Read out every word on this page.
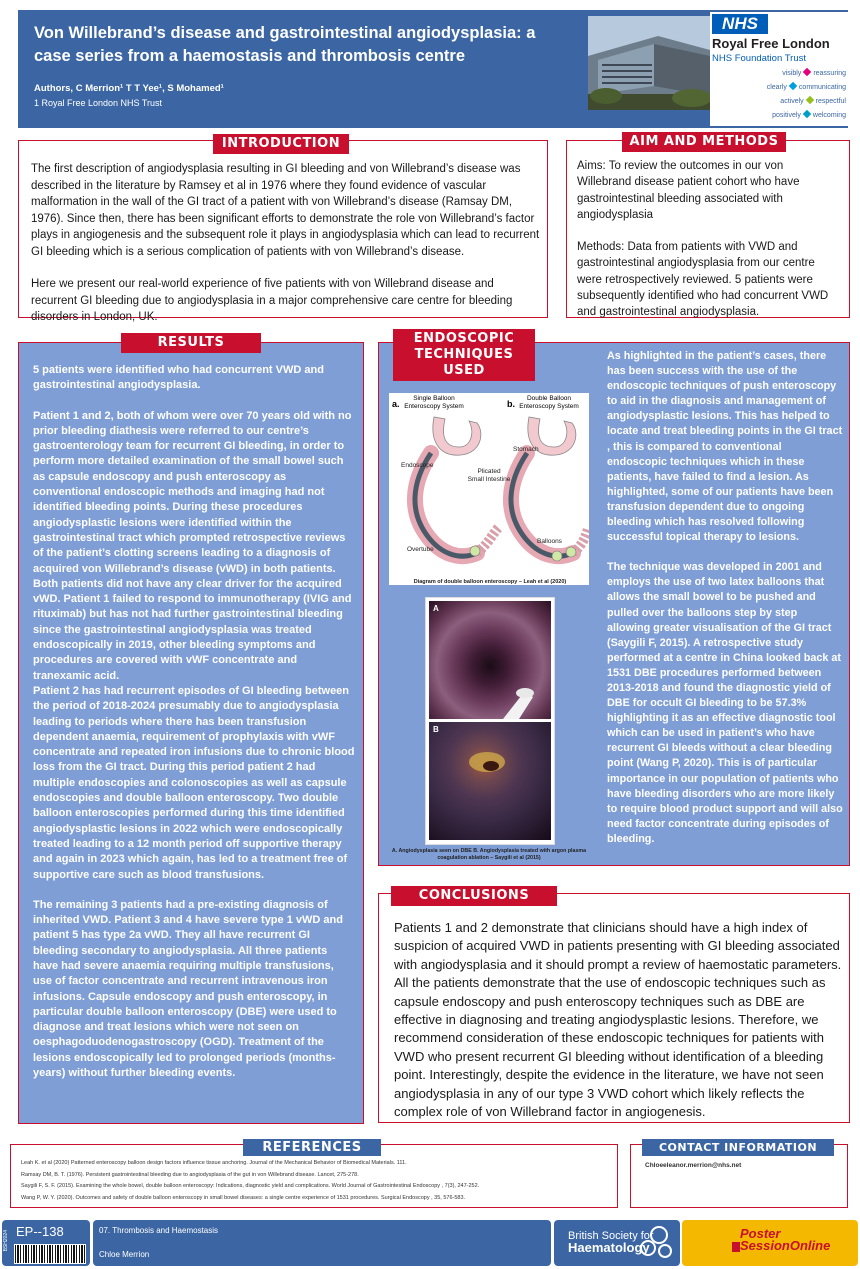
Von Willebrand’s disease and gastrointestinal angiodysplasia: a case series from a haemostasis and thrombosis centre
Authors, C Merrion¹ T T Yee¹, S Mohamed¹
1 Royal Free London NHS Trust
NHS
Royal Free London
NHS Foundation Trust
visibly reassuring
clearly communicating
actively respectful
positively welcoming

The first description of angiodysplasia resulting in GI bleeding and von Willebrand’s disease was described in the literature by Ramsey et al in 1976 where they found evidence of vascular malformation in the wall of the GI tract of a patient with von Willebrand’s disease (Ramsay DM, 1976). Since then, there has been significant efforts to demonstrate the role von Willebrand’s factor plays in angiogenesis and the subsequent role it plays in angiodysplasia which can lead to recurrent GI bleeding which is a serious complication of patients with von Willebrand’s disease.

Here we present our real-world experience of five patients with von Willebrand disease and recurrent GI bleeding due to angiodysplasia in a major comprehensive care centre for bleeding disorders in London, UK.

INTRODUCTION

Aims: To review the outcomes in our von Willebrand disease patient cohort who have gastrointestinal bleeding associated with angiodysplasia

Methods: Data from patients with VWD and gastrointestinal angiodysplasia from our centre were retrospectively reviewed. 5 patients were subsequently identified who had concurrent VWD and gastrointestinal angiodysplasia.

AIM AND METHODS

5 patients were identified who had concurrent VWD and gastrointestinal angiodysplasia.

Patient 1 and 2, both of whom were over 70 years old with no prior bleeding diathesis were referred to our centre’s gastroenterology team for recurrent GI bleeding, in order to perform more detailed examination of the small bowel such as capsule endoscopy and push enteroscopy as conventional endoscopic methods and imaging had not identified bleeding points. During these procedures angiodysplastic lesions were identified within the gastrointestinal tract which prompted retrospective reviews of the patient’s clotting screens leading to a diagnosis of acquired von Willebrand’s disease (vWD) in both patients. Both patients did not have any clear driver for the acquired vWD. Patient 1 failed to respond to immunotherapy (IVIG and rituximab) but has not had further gastrointestinal bleeding since the gastrointestinal angiodysplasia was treated endoscopically in 2019, other bleeding symptoms and procedures are covered with vWF concentrate and tranexamic acid.

Patient 2 has had recurrent episodes of GI bleeding between the period of 2018-2024 presumably due to angiodysplasia leading to periods where there has been transfusion dependent anaemia, requirement of prophylaxis with vWF concentrate and repeated iron infusions due to chronic blood loss from the GI tract. During this period patient 2 had multiple endoscopies and colonoscopies as well as capsule endoscopies and double balloon enteroscopy. Two double balloon enteroscopies performed during this time identified angiodysplastic lesions in 2022 which were endoscopically treated leading to a 12 month period off supportive therapy and again in 2023 which again, has led to a treatment free of supportive care such as blood transfusions.

The remaining 3 patients had a pre-existing diagnosis of inherited VWD. Patient 3 and 4 have severe type 1 vWD and patient 5 has type 2a vWD. They all have recurrent GI bleeding secondary to angiodysplasia. All three patients have had severe anaemia requiring multiple transfusions, use of factor concentrate and recurrent intravenous iron infusions. Capsule endoscopy and push enteroscopy, in particular double balloon enteroscopy (DBE) were used to diagnose and treat lesions which were not seen on oesphagoduodenogastroscopy (OGD). Treatment of the lesions endoscopically led to prolonged periods (months-years) without further bleeding events.

RESULTS
a.
Single Balloon Enteroscopy System	b.
Double Balloon Enteroscopy System
Endoscope
Overtube
Stomach
Plicated Small Intestine
Balloons
Diagram of double balloon enteroscopy – Leah et al (2020)
A
B
A. Angiodysplasia seen on DBE B. Angiodysplasia treated with argon plasma coagulation ablation – Saygili et al (2015)

As highlighted in the patient’s cases, there has been success with the use of the endoscopic techniques of push enteroscopy to aid in the diagnosis and management of angiodysplastic lesions. This has helped to locate and treat bleeding points in the GI tract , this is compared to conventional endoscopic techniques which in these patients, have failed to find a lesion. As highlighted, some of our patients have been transfusion dependent due to ongoing bleeding which has resolved following successful topical therapy to lesions.

The technique was developed in 2001 and employs the use of two latex balloons that allows the small bowel to be pushed and pulled over the balloons step by step allowing greater visualisation of the GI tract (Saygili F, 2015). A retrospective study performed at a centre in China looked back at 1531 DBE procedures performed between 2013-2018 and found the diagnostic yield of DBE for occult GI bleeding to be 57.3% highlighting it as an effective diagnostic tool which can be used in patient’s who have recurrent GI bleeds without a clear bleeding point (Wang P, 2020). This is of particular importance in our population of patients who have bleeding disorders who are more likely to require blood product support and will also need factor concentrate during episodes of bleeding.

ENDOSCOPIC
TECHNIQUES
USED
Patients 1 and 2 demonstrate that clinicians should have a high index of suspicion of acquired VWD in patients presenting with GI bleeding associated with angiodysplasia and it should prompt a review of haemostatic parameters. All the patients demonstrate that the use of endoscopic techniques such as capsule endoscopy and push enteroscopy techniques such as DBE are effective in diagnosing and treating angiodysplastic lesions. Therefore, we recommend consideration of these endoscopic techniques for patients with VWD who present recurrent GI bleeding without identification of a bleeding point. Interestingly, despite the evidence in the literature, we have not seen angiodysplasia in any of our type 3 VWD cohort which likely reflects the complex role of von Willebrand factor in angiogenesis.
CONCLUSIONS
Leah K. et al (2020) Patterned enteroscopy balloon design factors influence tissue anchoring. Journal of the Mechanical Behavior of Biomedical Materials. 111.
Ramsay DM, B. T. (1976). Persistent gastrointestinal bleeding due to angiodysplasia of the gut in von Willebrand disease. Lancet, 275-278.
Saygili F, S. F. (2015). Examining the whole bowel, double balloon enteroscopy: Indications, diagnostic yield and complications. World Journal of Gastrointestinal Endoscopy , 7(3), 247-252.
Wang P, W. Y. (2020). Outcomes and safety of double balloon enteroscopy in small bowel diseases: a single centre experience of 1531 procedures. Surgical Endoscopy , 35, 576-583.
REFERENCES
Chloeeleanor.merrion@nhs.net
CONTACT INFORMATION
BSH2024 EP--138	07. Thrombosis and Haemostasis
Chloe Merrion
British Society for
Haematology
Poster
SessionOnline
